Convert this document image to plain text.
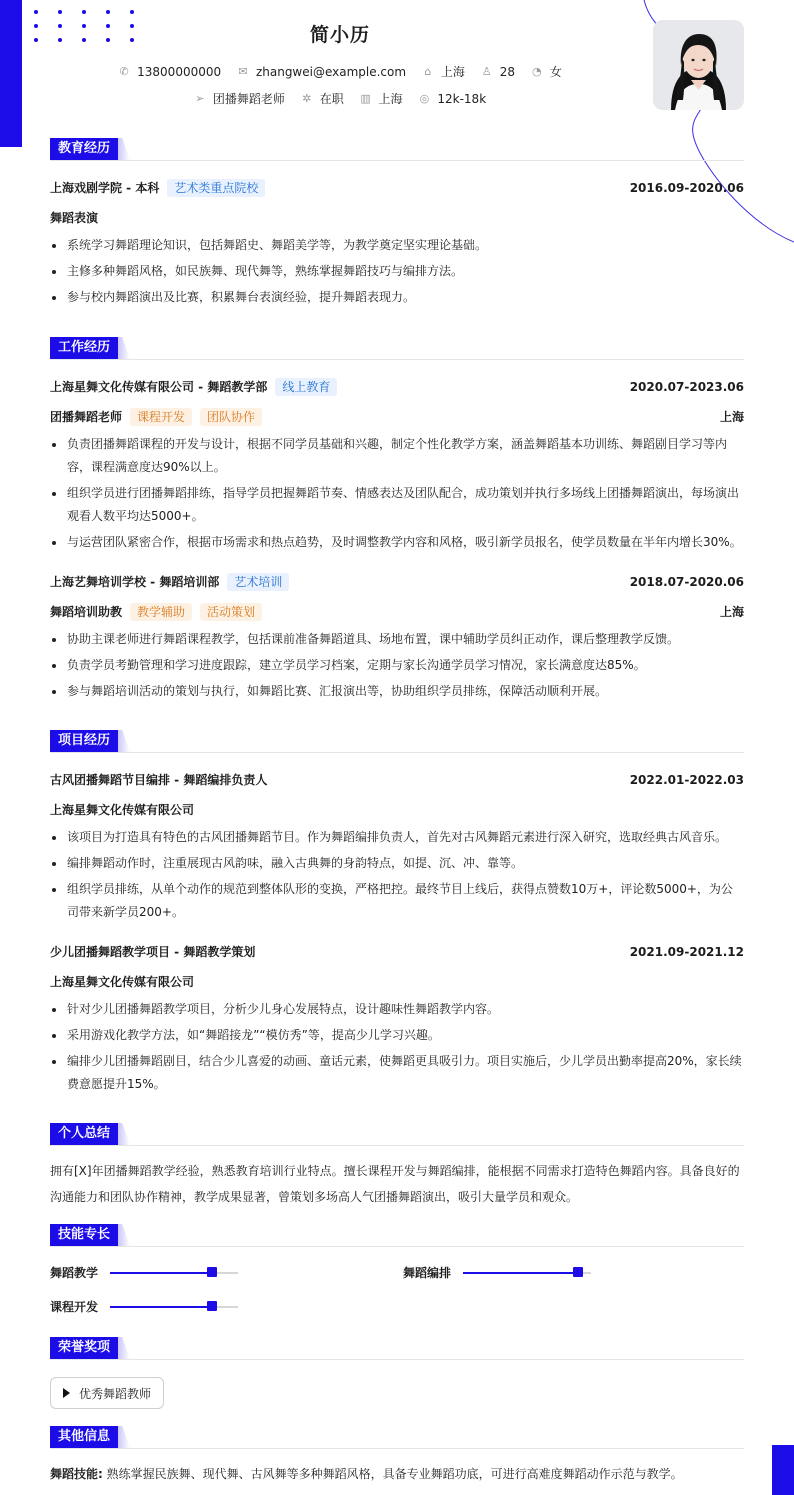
简小历
✆ 13800000000
✉ zhangwei@example.com
⌂ 上海
♙ 28
◔ 女
➢ 团播舞蹈老师
✲ 在职
▥ 上海
◎ 12k-18k
教育经历
上海戏剧学院 - 本科	艺术类重点院校	2016.09-2020.06
舞蹈表演
系统学习舞蹈理论知识，包括舞蹈史、舞蹈美学等，为教学奠定坚实理论基础。
主修多种舞蹈风格，如民族舞、现代舞等，熟练掌握舞蹈技巧与编排方法。
参与校内舞蹈演出及比赛，积累舞台表演经验，提升舞蹈表现力。
工作经历
上海星舞文化传媒有限公司 - 舞蹈教学部	线上教育	2020.07-2023.06
团播舞蹈老师	课程开发	团队协作	上海
负责团播舞蹈课程的开发与设计，根据不同学员基础和兴趣，制定个性化教学方案，涵盖舞蹈基本功训练、舞蹈剧目学习等内容，课程满意度达90%以上。
组织学员进行团播舞蹈排练，指导学员把握舞蹈节奏、情感表达及团队配合，成功策划并执行多场线上团播舞蹈演出，每场演出观看人数平均达5000+。
与运营团队紧密合作，根据市场需求和热点趋势，及时调整教学内容和风格，吸引新学员报名，使学员数量在半年内增长30%。
上海艺舞培训学校 - 舞蹈培训部	艺术培训	2018.07-2020.06
舞蹈培训助教	教学辅助	活动策划	上海
协助主课老师进行舞蹈课程教学，包括课前准备舞蹈道具、场地布置，课中辅助学员纠正动作，课后整理教学反馈。
负责学员考勤管理和学习进度跟踪，建立学员学习档案，定期与家长沟通学员学习情况，家长满意度达85%。
参与舞蹈培训活动的策划与执行，如舞蹈比赛、汇报演出等，协助组织学员排练，保障活动顺利开展。
项目经历
古风团播舞蹈节目编排 - 舞蹈编排负责人	2022.01-2022.03
上海星舞文化传媒有限公司
该项目为打造具有特色的古风团播舞蹈节目。作为舞蹈编排负责人，首先对古风舞蹈元素进行深入研究，选取经典古风音乐。
编排舞蹈动作时，注重展现古风韵味，融入古典舞的身韵特点，如提、沉、冲、靠等。
组织学员排练，从单个动作的规范到整体队形的变换，严格把控。最终节目上线后，获得点赞数10万+，评论数5000+，为公司带来新学员200+。
少儿团播舞蹈教学项目 - 舞蹈教学策划	2021.09-2021.12
上海星舞文化传媒有限公司
针对少儿团播舞蹈教学项目，分析少儿身心发展特点，设计趣味性舞蹈教学内容。
采用游戏化教学方法，如“舞蹈接龙”“模仿秀”等，提高少儿学习兴趣。
编排少儿团播舞蹈剧目，结合少儿喜爱的动画、童话元素，使舞蹈更具吸引力。项目实施后，少儿学员出勤率提高20%，家长续费意愿提升15%。
个人总结
拥有[X]年团播舞蹈教学经验，熟悉教育培训行业特点。擅长课程开发与舞蹈编排，能根据不同需求打造特色舞蹈内容。具备良好的沟通能力和团队协作精神，教学成果显著，曾策划多场高人气团播舞蹈演出，吸引大量学员和观众。
技能专长
舞蹈教学	舞蹈编排
课程开发
荣誉奖项
优秀舞蹈教师
其他信息
舞蹈技能: 熟练掌握民族舞、现代舞、古风舞等多种舞蹈风格，具备专业舞蹈功底，可进行高难度舞蹈动作示范与教学。
